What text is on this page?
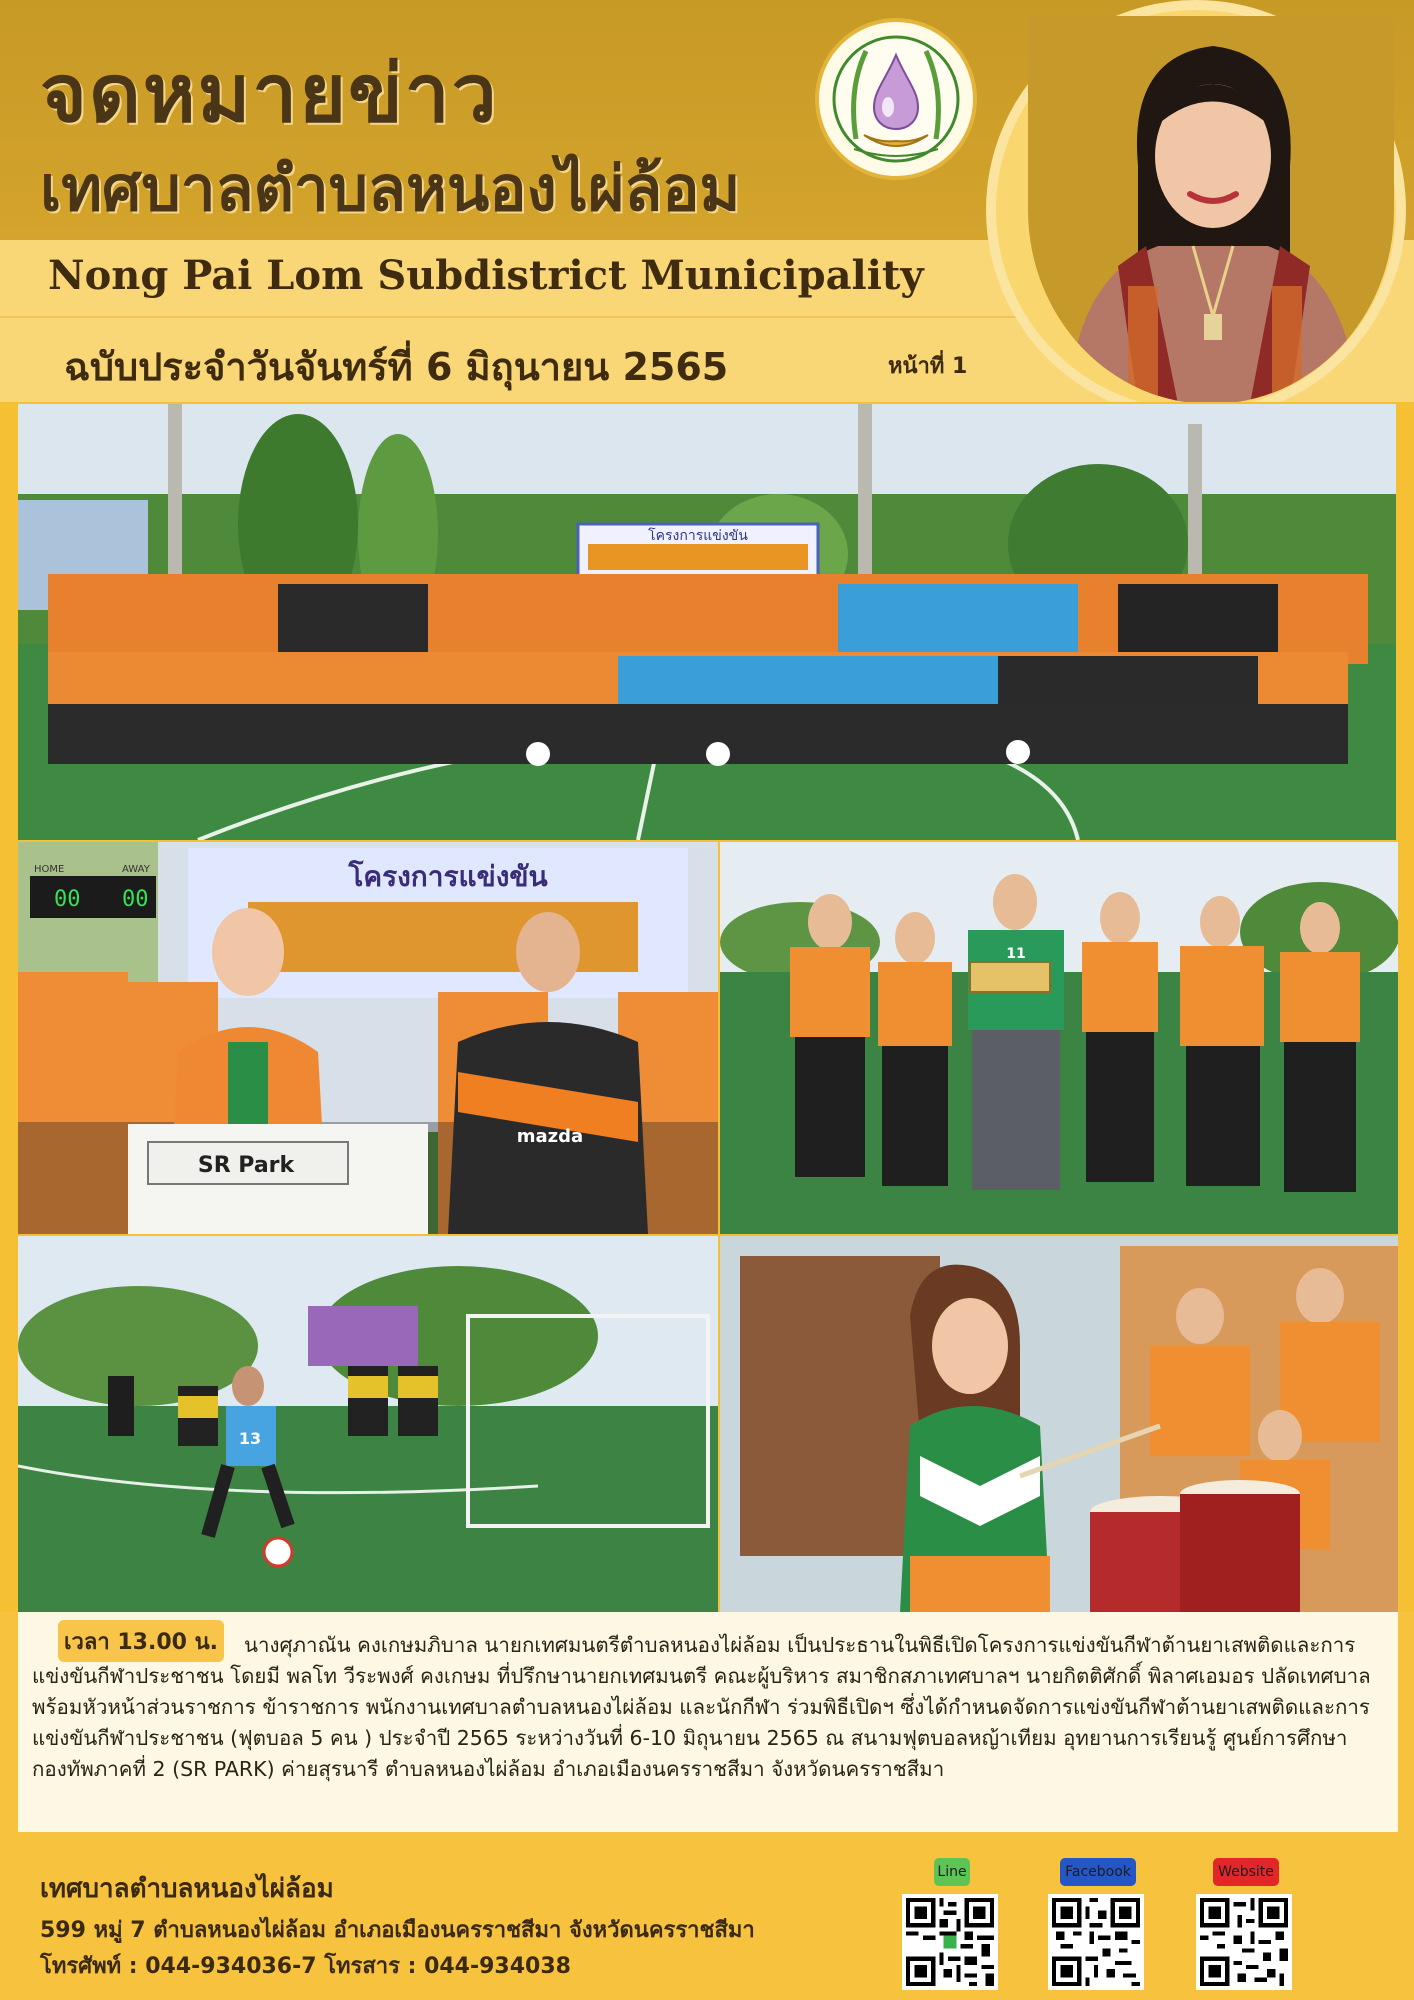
จดหมายข่าว
เทศบาลตำบลหนองไผ่ล้อม
Nong Pai Lom Subdistrict Municipality
ฉบับประจำวันจันทร์ที่ 6 มิถุนายน 2565	หน้าที่ 1
โครงการแข่งขัน
00 00
HOME	AWAY	โครงการแข่งขัน
mazda
SR Park
11
13
นางศุภาณัน คงเกษมภิบาล นายกเทศมนตรีตำบลหนองไผ่ล้อม เป็นประธานในพิธีเปิดโครงการแข่งขันกีฬาต้านยาเสพติดและการแข่งขันกีฬาประชาชน โดยมี พลโท วีระพงศ์ คงเกษม ที่ปรึกษานายกเทศมนตรี คณะผู้บริหาร สมาชิกสภาเทศบาลฯ นายกิตติศักดิ์ พิลาศเอมอร ปลัดเทศบาล พร้อมหัวหน้าส่วนราชการ ข้าราชการ พนักงานเทศบาลตำบลหนองไผ่ล้อม และนักกีฬา ร่วมพิธีเปิดฯ ซึ่งได้กำหนดจัดการแข่งขันกีฬาต้านยาเสพติดและการแข่งขันกีฬาประชาชน (ฟุตบอล 5 คน ) ประจำปี 2565 ระหว่างวันที่ 6-10 มิถุนายน 2565 ณ สนามฟุตบอลหญ้าเทียม อุทยานการเรียนรู้ ศูนย์การศึกษากองทัพภาคที่ 2 (SR PARK) ค่ายสุรนารี ตำบลหนองไผ่ล้อม อำเภอเมืองนครราชสีมา จังหวัดนครราชสีมา
เวลา 13.00 น.
เทศบาลตำบลหนองไผ่ล้อม
599 หมู่ 7 ตำบลหนองไผ่ล้อม อำเภอเมืองนครราชสีมา จังหวัดนครราชสีมา
โทรศัพท์ : 044-934036-7 โทรสาร : 044-934038
Line	Facebook	Website
